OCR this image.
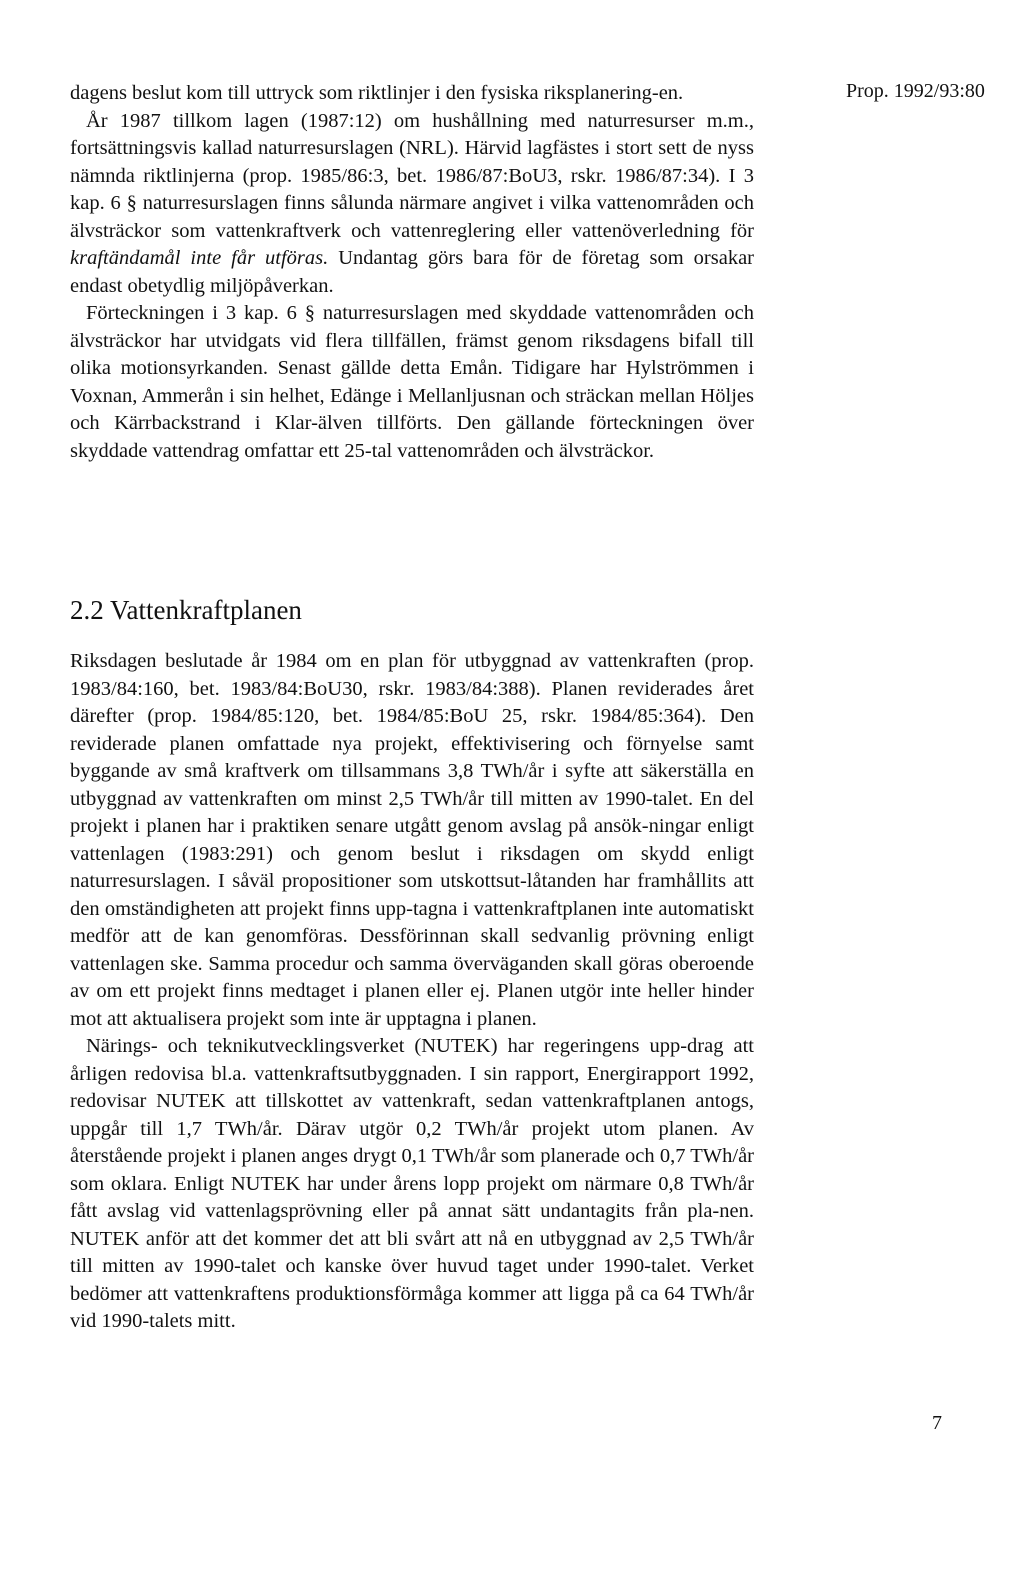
Prop. 1992/93:80

dagens beslut kom till uttryck som riktlinjer i den fysiska riksplanering-en.

År 1987 tillkom lagen (1987:12) om hushållning med naturresurser m.m., fortsättningsvis kallad naturresurslagen (NRL). Härvid lagfästes i stort sett de nyss nämnda riktlinjerna (prop. 1985/86:3, bet. 1986/87:BoU3, rskr. 1986/87:34). I 3 kap. 6 § naturresurslagen finns sålunda närmare angivet i vilka vattenområden och älvsträckor som vattenkraftverk och vattenreglering eller vattenöverledning för kraftändamål inte får utföras. Undantag görs bara för de företag som orsakar endast obetydlig miljöpåverkan.

Förteckningen i 3 kap. 6 § naturresurslagen med skyddade vattenområden och älvsträckor har utvidgats vid flera tillfällen, främst genom riksdagens bifall till olika motionsyrkanden. Senast gällde detta Emån. Tidigare har Hylströmmen i Voxnan, Ammerån i sin helhet, Edänge i Mellanljusnan och sträckan mellan Höljes och Kärrbackstrand i Klar-älven tillförts. Den gällande förteckningen över skyddade vattendrag omfattar ett 25-tal vattenområden och älvsträckor.

2.2 Vattenkraftplanen

Riksdagen beslutade år 1984 om en plan för utbyggnad av vattenkraften (prop. 1983/84:160, bet. 1983/84:BoU30, rskr. 1983/84:388). Planen reviderades året därefter (prop. 1984/85:120, bet. 1984/85:BoU 25, rskr. 1984/85:364). Den reviderade planen omfattade nya projekt, effektivisering och förnyelse samt byggande av små kraftverk om tillsammans 3,8 TWh/år i syfte att säkerställa en utbyggnad av vattenkraften om minst 2,5 TWh/år till mitten av 1990-talet. En del projekt i planen har i praktiken senare utgått genom avslag på ansök-ningar enligt vattenlagen (1983:291) och genom beslut i riksdagen om skydd enligt naturresurslagen. I såväl propositioner som utskottsut-låtanden har framhållits att den omständigheten att projekt finns upp-tagna i vattenkraftplanen inte automatiskt medför att de kan genomföras. Dessförinnan skall sedvanlig prövning enligt vattenlagen ske. Samma procedur och samma överväganden skall göras oberoende av om ett projekt finns medtaget i planen eller ej. Planen utgör inte heller hinder mot att aktualisera projekt som inte är upptagna i planen.

Närings- och teknikutvecklingsverket (NUTEK) har regeringens upp-drag att årligen redovisa bl.a. vattenkraftsutbyggnaden. I sin rapport, Energirapport 1992, redovisar NUTEK att tillskottet av vattenkraft, sedan vattenkraftplanen antogs, uppgår till 1,7 TWh/år. Därav utgör 0,2 TWh/år projekt utom planen. Av återstående projekt i planen anges drygt 0,1 TWh/år som planerade och 0,7 TWh/år som oklara. Enligt NUTEK har under årens lopp projekt om närmare 0,8 TWh/år fått avslag vid vattenlagsprövning eller på annat sätt undantagits från pla-nen. NUTEK anför att det kommer det att bli svårt att nå en utbyggnad av 2,5 TWh/år till mitten av 1990-talet och kanske över huvud taget under 1990-talet. Verket bedömer att vattenkraftens produktionsförmåga kommer att ligga på ca 64 TWh/år vid 1990-talets mitt.

7
